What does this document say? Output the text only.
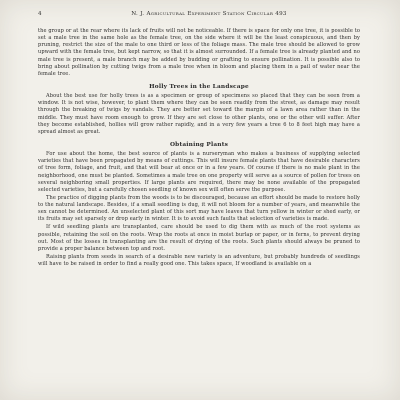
4	N. J. Agricultural Experiment Station Circular 493

the group or at the rear where its lack of fruits will not be noticeable. If there is space for only one tree, it is possible to set a male tree in the same hole as the female tree, on the side where it will be the least conspicuous, and then by pruning, restrict the size of the male to one third or less of the foliage mass. The male tree should be allowed to grow upward with the female tree, but kept narrow, so that it is almost surrounded. If a female tree is already planted and no male tree is present, a male branch may be added by budding or grafting to ensure pollination. It is possible also to bring about pollination by cutting twigs from a male tree when in bloom and placing them in a pail of water near the female tree.

Holly Trees in the Landscape

About the best use for holly trees is as a specimen or group of specimens so placed that they can be seen from a window. It is not wise, however, to plant them where they can be seen readily from the street, as damage may result through the breaking of twigs by vandals. They are better set toward the margin of a lawn area rather than in the middle. They must have room enough to grow. If they are set close to other plants, one or the other will suffer. After they become established, hollies will grow rather rapidly, and in a very few years a tree 6 to 8 feet high may have a spread almost as great.

Obtaining Plants

For use about the home, the best source of plants is a nurseryman who makes a business of supplying selected varieties that have been propagated by means of cuttings. This will insure female plants that have desirable characters of tree form, foliage, and fruit, and that will bear at once or in a few years. Of course if there is no male plant in the neighborhood, one must be planted. Sometimes a male tree on one property will serve as a source of pollen for trees on several neighboring small properties. If large plants are required, there may be none available of the propagated selected varieties, but a carefully chosen seedling of known sex will often serve the purpose.

The practice of digging plants from the woods is to be discouraged, because an effort should be made to restore holly to the natural landscape. Besides, if a small seedling is dug, it will not bloom for a number of years, and meanwhile the sex cannot be determined. An unselected plant of this sort may have leaves that turn yellow in winter or shed early, or its fruits may set sparsely or drop early in winter. It is to avoid such faults that selection of varieties is made.

If wild seedling plants are transplanted, care should be used to dig them with as much of the root systems as possible, retaining the soil on the roots. Wrap the roots at once in moist burlap or paper, or in ferns, to prevent drying out. Most of the losses in transplanting are the result of drying of the roots. Such plants should always be pruned to provide a proper balance between top and root.

Raising plants from seeds in search of a desirable new variety is an adventure, but probably hundreds of seedlings will have to be raised in order to find a really good one. This takes space, If woodland is available on a
